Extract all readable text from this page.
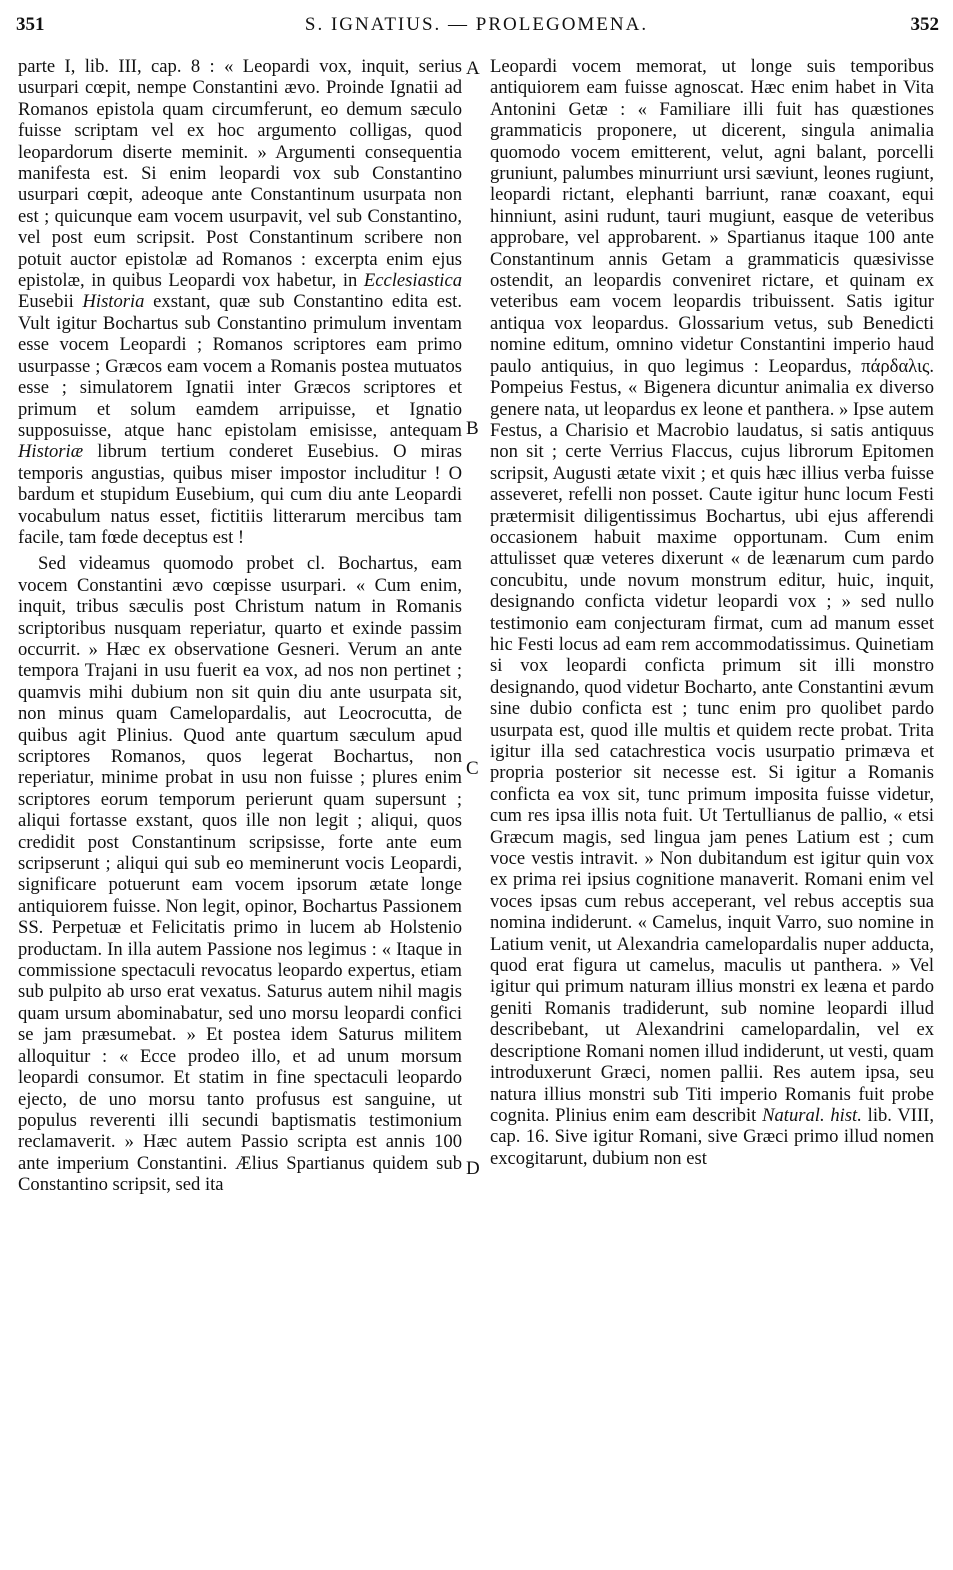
351	S. IGNATIUS. — PROLEGOMENA.	352

parte I, lib. III, cap. 8 : « Leopardi vox, inquit, serius usurpari cœpit, nempe Constantini ævo. Proinde Ignatii ad Romanos epistola quam circumferunt, eo demum sæculo fuisse scriptam vel ex hoc argumento colligas, quod leopardorum diserte meminit. » Argumenti consequentia manifesta est. Si enim leopardi vox sub Constantino usurpari cœpit, adeoque ante Constantinum usurpata non est ; quicunque eam vocem usurpavit, vel sub Constantino, vel post eum scripsit. Post Constantinum scribere non potuit auctor epistolæ ad Romanos : excerpta enim ejus epistolæ, in quibus Leopardi vox habetur, in Ecclesiastica Eusebii Historia exstant, quæ sub Constantino edita est. Vult igitur Bochartus sub Constantino primulum inventam esse vocem Leopardi ; Romanos scriptores eam primo usurpasse ; Græcos eam vocem a Romanis postea mutuatos esse ; simulatorem Ignatii inter Græcos scriptores et primum et solum eamdem arripuisse, et Ignatio supposuisse, atque hanc epistolam emisisse, antequam Historiæ librum tertium conderet Eusebius. O miras temporis angustias, quibus miser impostor includitur ! O bardum et stupidum Eusebium, qui cum diu ante Leopardi vocabulum natus esset, fictitiis litterarum mercibus tam facile, tam fœde deceptus est !

Sed videamus quomodo probet cl. Bochartus, eam vocem Constantini ævo cœpisse usurpari. « Cum enim, inquit, tribus sæculis post Christum natum in Romanis scriptoribus nusquam reperiatur, quarto et exinde passim occurrit. » Hæc ex observatione Gesneri. Verum an ante tempora Trajani in usu fuerit ea vox, ad nos non pertinet ; quamvis mihi dubium non sit quin diu ante usurpata sit, non minus quam Camelopardalis, aut Leocrocutta, de quibus agit Plinius. Quod ante quartum sæculum apud scriptores Romanos, quos legerat Bochartus, non reperiatur, minime probat in usu non fuisse ; plures enim scriptores eorum temporum perierunt quam supersunt ; aliqui fortasse exstant, quos ille non legit ; aliqui, quos credidit post Constantinum scripsisse, forte ante eum scripserunt ; aliqui qui sub eo meminerunt vocis Leopardi, significare potuerunt eam vocem ipsorum ætate longe antiquiorem fuisse. Non legit, opinor, Bochartus Passionem SS. Perpetuæ et Felicitatis primo in lucem ab Holstenio productam. In illa autem Passione nos legimus : « Itaque in commissione spectaculi revocatus leopardo expertus, etiam sub pulpito ab urso erat vexatus. Saturus autem nihil magis quam ursum abominabatur, sed uno morsu leopardi confici se jam præsumebat. » Et postea idem Saturus militem alloquitur : « Ecce prodeo illo, et ad unum morsum leopardi consumor. Et statim in fine spectaculi leopardo ejecto, de uno morsu tanto profusus est sanguine, ut populus reverenti illi secundi baptismatis testimonium reclamaverit. » Hæc autem Passio scripta est annis 100 ante imperium Constantini. Ælius Spartianus quidem sub Constantino scripsit, sed ita

A
B
C
D

Leopardi vocem memorat, ut longe suis temporibus antiquiorem eam fuisse agnoscat. Hæc enim habet in Vita Antonini Getæ : « Familiare illi fuit has quæstiones grammaticis proponere, ut dicerent, singula animalia quomodo vocem emitterent, velut, agni balant, porcelli gruniunt, palumbes minurriunt ursi sæviunt, leones rugiunt, leopardi rictant, elephanti barriunt, ranæ coaxant, equi hinniunt, asini rudunt, tauri mugiunt, easque de veteribus approbare, vel approbarent. » Spartianus itaque 100 ante Constantinum annis Getam a grammaticis quæsivisse ostendit, an leopardis conveniret rictare, et quinam ex veteribus eam vocem leopardis tribuissent. Satis igitur antiqua vox leopardus. Glossarium vetus, sub Benedicti nomine editum, omnino videtur Constantini imperio haud paulo antiquius, in quo legimus : Leopardus, πάρδαλις. Pompeius Festus, « Bigenera dicuntur animalia ex diverso genere nata, ut leopardus ex leone et panthera. » Ipse autem Festus, a Charisio et Macrobio laudatus, si satis antiquus non sit ; certe Verrius Flaccus, cujus librorum Epitomen scripsit, Augusti ætate vixit ; et quis hæc illius verba fuisse asseveret, refelli non posset. Caute igitur hunc locum Festi prætermisit diligentissimus Bochartus, ubi ejus afferendi occasionem habuit maxime opportunam. Cum enim attulisset quæ veteres dixerunt « de leænarum cum pardo concubitu, unde novum monstrum editur, huic, inquit, designando conficta videtur leopardi vox ; » sed nullo testimonio eam conjecturam firmat, cum ad manum esset hic Festi locus ad eam rem accommodatissimus. Quinetiam si vox leopardi conficta primum sit illi monstro designando, quod videtur Bocharto, ante Constantini ævum sine dubio conficta est ; tunc enim pro quolibet pardo usurpata est, quod ille multis et quidem recte probat. Trita igitur illa sed catachrestica vocis usurpatio primæva et propria posterior sit necesse est. Si igitur a Romanis conficta ea vox sit, tunc primum imposita fuisse videtur, cum res ipsa illis nota fuit. Ut Tertullianus de pallio, « etsi Græcum magis, sed lingua jam penes Latium est ; cum voce vestis intravit. » Non dubitandum est igitur quin vox ex prima rei ipsius cognitione manaverit. Romani enim vel voces ipsas cum rebus acceperant, vel rebus acceptis sua nomina indiderunt. « Camelus, inquit Varro, suo nomine in Latium venit, ut Alexandria camelopardalis nuper adducta, quod erat figura ut camelus, maculis ut panthera. » Vel igitur qui primum naturam illius monstri ex leæna et pardo geniti Romanis tradiderunt, sub nomine leopardi illud describebant, ut Alexandrini camelopardalin, vel ex descriptione Romani nomen illud indiderunt, ut vesti, quam introduxerunt Græci, nomen pallii. Res autem ipsa, seu natura illius monstri sub Titi imperio Romanis fuit probe cognita. Plinius enim eam describit Natural. hist. lib. VIII, cap. 16. Sive igitur Romani, sive Græci primo illud nomen excogitarunt, dubium non est
